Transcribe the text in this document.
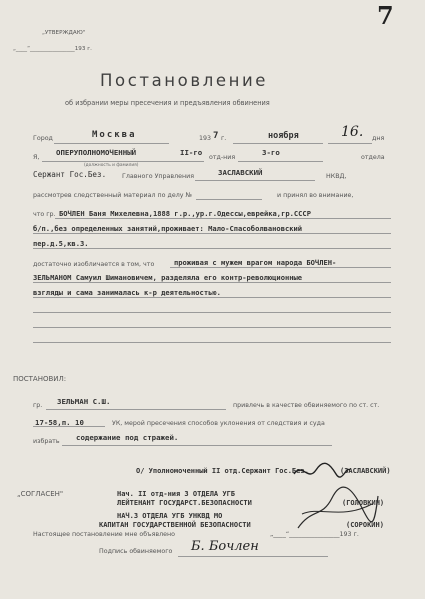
7
„УТВЕРЖДАЮ"
„____“________________193 г.
Постановление
об избрании меры пресечения и предъявления обвинения
Город	Москва	193 7 г.	ноября	16. дня
Я,
ОПЕРУПОЛНОМОЧЕННЫЙ	II-го
отд-ния
3-го
отдела
(должность и фамилия)
Сержант Гос.Без.	Главного Управления	ЗАСЛАВСКИЙ	НКВД,
рассмотрев следственный материал по делу №	и принял во внимание,
что гр. БОЧЛЕН Баня Михелевна,1888 г.р.,ур.г.Одессы,еврейка,гр.СССР
б/п.,без определенных занятий,проживает: Мало-Спасоболвановский
пер.д.5,кв.3.
достаточно изобличается в том, что	проживая с мужем врагом народа БОЧЛЕН-
ЗЕЛЬМАНОМ Самуил Шимановичем, разделяла его контр-революционные
взгляды и сама занималась к-р деятельностью.
ПОСТАНОВИЛ:
гр. ЗЕЛЬМАН С.Ш.	привлечь в качестве обвиняемого по ст. ст.
17-58,п. 10	УК, мерой пресечения способов уклонения от следствия и суда
избрать содержание под стражей.
О/ Уполномоченный II отд.Сержант Гос.Без.	(ЗАСЛАВСКИЙ)
„СОГЛАСЕН"	Нач. II отд-ния 3 ОТДЕЛА УГБ
ЛЕЙТЕНАНТ ГОСУДАРСТ.БЕЗОПАСНОСТИ	(ГОЛОВКИН)
НАЧ.3 ОТДЕЛА УГБ УНКВД МО
КАПИТАН ГОСУДАРСТВЕННОЙ БЕЗОПАСНОСТИ	(СОРОКИН)
Настоящее постановление мне объявлено	„____“________________193 г.
Подпись обвиняемого Б. Бочлен
